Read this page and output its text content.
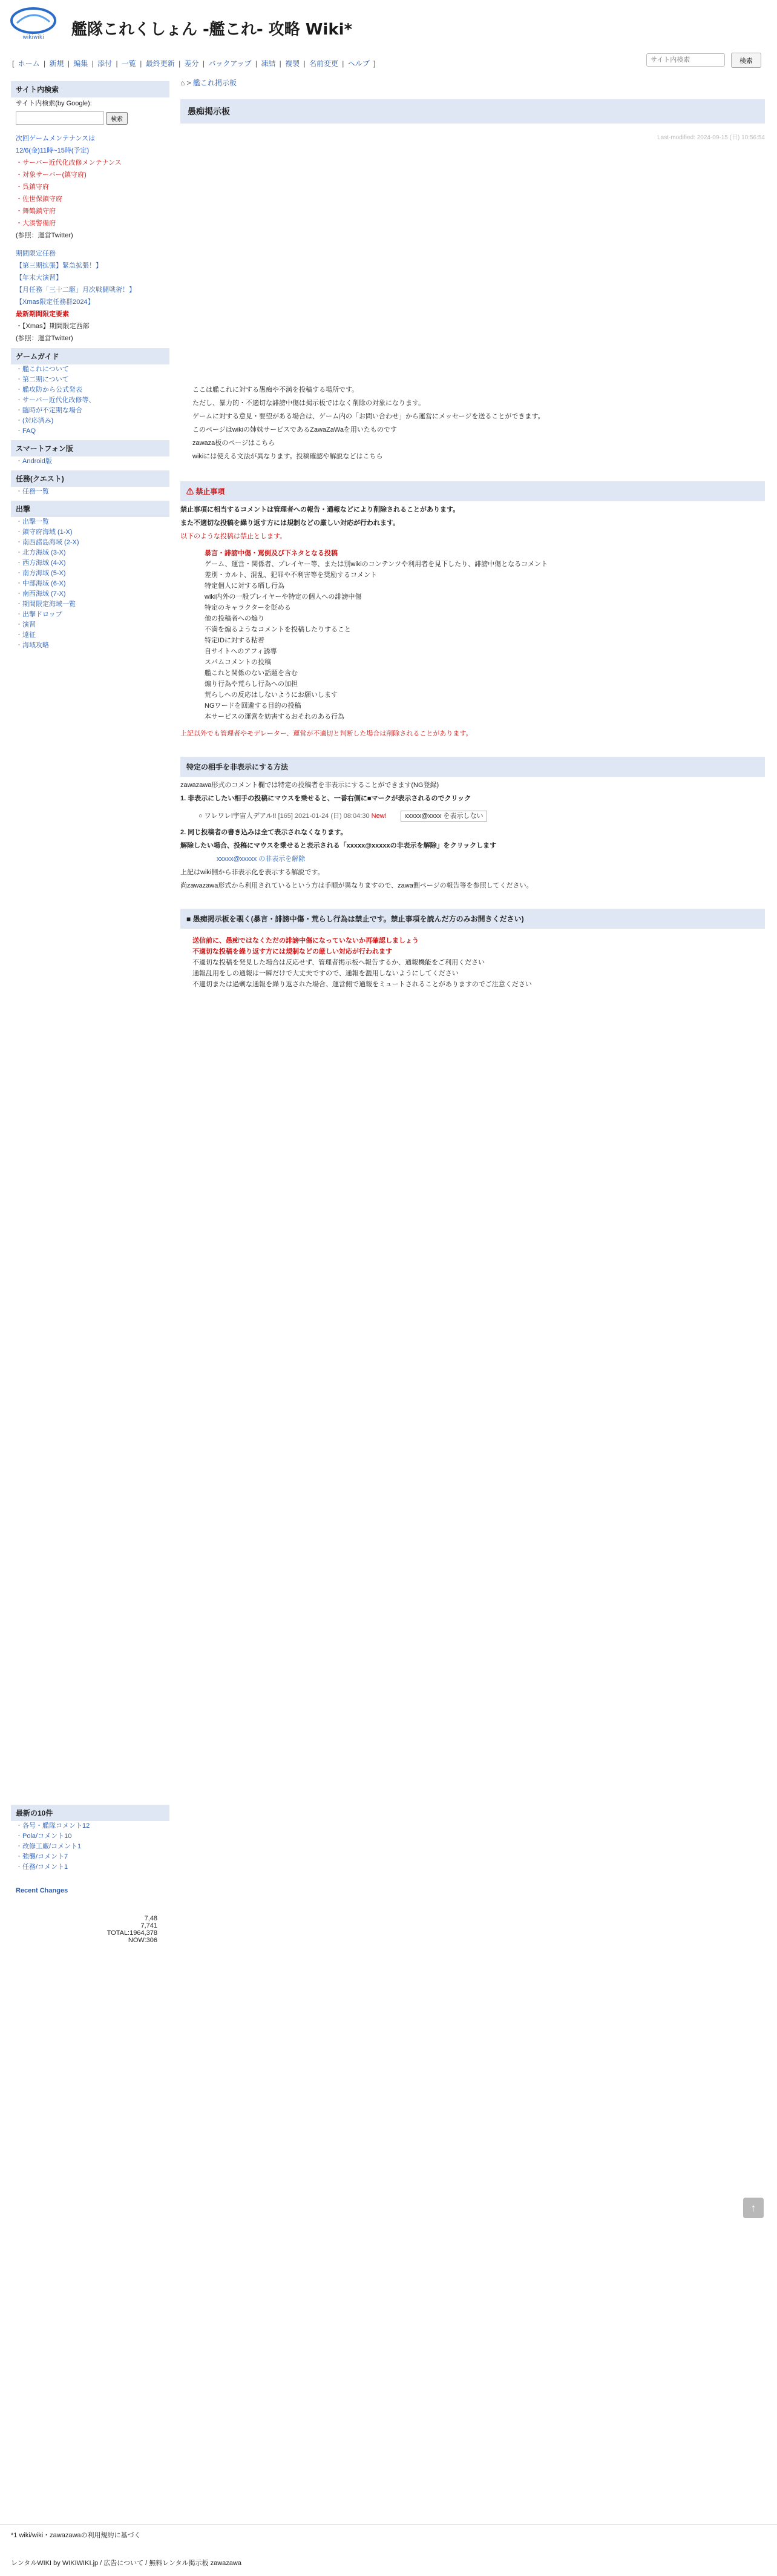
wikiwiki 艦隊これくしょん -艦これ- 攻略 Wiki*
[ ホーム | 新規 | 編集 | 添付 | 一覧 | 最終更新 | 差分 | バックアップ | 凍結 | 複製 | 名前変更 | ヘルプ ]
サイト内検索	検索
サイト内検索
サイト内検索(by Google):
検索
次回ゲームメンテナンスは
12/6(金)11時~15時(予定)
・サーバー近代化改修メンテナンス
・対象サーバー(鎮守府)
・呉鎮守府
・佐世保鎮守府
・舞鶴鎮守府
・大湊警備府
(参照：運営Twitter)
期間限定任務
【第三期拡張】緊急拡張！】
【年末大演習】
【月任務「三十二駆」月次戦闘戦術！】
【Xmas限定任務群2024】
最新期間限定要素
・【Xmas】期間限定西部
(参照：運営Twitter)
ゲームガイド
・ 艦これについて
・ 第二期について
・ 艦攻防から公式発表
・ サーバー近代化改修等、
・ 臨時が不定期な場合
・ (対応済み)
・ FAQ
スマートフォン版
・ Android版
任務(クエスト)
・ 任務一覧
出撃
・ 出撃一覧
・ 鎮守府海域 (1-X)
・ 南西諸島海域 (2-X)
・ 北方海域 (3-X)
・ 西方海域 (4-X)
・ 南方海域 (5-X)
・ 中部海域 (6-X)
・ 南西海域 (7-X)
・ 期間限定海域一覧
・ 出撃ドロップ
・ 演習
・ 遠征
・ 海域攻略
最新の10件
・ 各号・艦隊コメント12
・ Pola/コメント10
・ 改修工廠/コメント1
・ 強襲/コメント7
・ 任務/コメント1
Recent Changes
7,48
7,741
TOTAL:1964,378
NOW:306
⌂ > 艦これ掲示板
愚痴掲示板
Last-modified: 2024-09-15 (日) 10:56:54
ここは艦これに対する愚痴や不満を投稿する場所です。
ただし、暴力的・不適切な誹謗中傷は掲示板ではなく削除の対象になります。
ゲームに対する意見・要望がある場合は、ゲーム内の「お問い合わせ」から運営にメッセージを送ることができます。
このページはwikiの姉妹サービスであるZawaZaWaを用いたものです
zawaza板のページはこちら
wikiには使える文法が異なります。投稿確認や解説などはこちら
⚠ 禁止事項

禁止事項に相当するコメントは管理者への報告・通報などにより削除されることがあります。

また不適切な投稿を繰り返す方には規制などの厳しい対応が行われます。

以下のような投稿は禁止とします。

暴言・誹謗中傷・罵倒及び下ネタとなる投稿
ゲーム、運営・関係者、プレイヤー等、または別wikiのコンテンツや利用者を見下したり、誹謗中傷となるコメント
差別・カルト、混乱、犯罪や不利害等を奨励するコメント
特定個人に対する晒し行為
wiki内外の一般プレイヤーや特定の個人への誹謗中傷
特定のキャラクターを貶める
他の投稿者への煽り
不満を煽るようなコメントを投稿したりすること
特定IDに対する粘着
自サイトへのアフィ誘導
スパムコメントの投稿
艦これと関係のない話題を含む
煽り行為や荒らし行為への加担
荒らしへの反応はしないようにお願いします
NGワードを回避する目的の投稿
本サービスの運営を妨害するおそれのある行為

上記以外でも管理者やモデレーター、運営が不適切と判断した場合は削除されることがあります。

特定の相手を非表示にする方法

zawazawa形式のコメント欄では特定の投稿者を非表示にすることができます(NG登録)

1. 非表示にしたい相手の投稿にマウスを乗せると、一番右側に■マークが表示されるのでクリック

○ ワレワレ!宇宙人デアル!! [165] 2021-01-24 (日) 08:04:30 New!	xxxxx@xxxx を表示しない

2. 同じ投稿者の書き込みは全て表示されなくなります。

解除したい場合、投稿にマウスを乗せると表示される「xxxxx@xxxxxの非表示を解除」をクリックします

xxxxx@xxxxx の非表示を解除

上記はwiki側から非表示化を表示する解説です。

尚zawazawa形式から利用されているという方は手順が異なりますので、zawa側ページの報告等を参照してください。

■ 愚痴掲示板を覗く(暴言・誹謗中傷・荒らし行為は禁止です。禁止事項を読んだ方のみお開きください)
送信前に、愚痴ではなくただの誹謗中傷になっていないか再確認しましょう
不適切な投稿を繰り返す方には規制などの厳しい対応が行われます
不適切な投稿を発見した場合は反応せず、管理者掲示板へ報告するか、通報機能をご利用ください
通報乱用をしの通報は一瞬だけで大丈夫ですので、通報を濫用しないようにしてください
不適切または過剰な通報を繰り返された場合、運営側で通報をミュートされることがありますのでご注意ください
↑
*1 wiki/wiki・zawazawaの利用規約に基づく
レンタルWIKI by WIKIWIKI.jp / 広告について / 無料レンタル掲示板 zawazawa
